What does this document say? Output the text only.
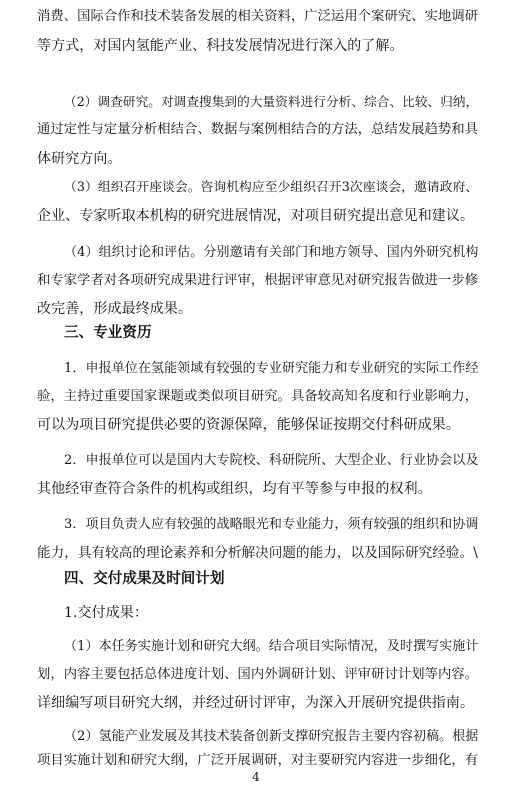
消费、国际合作和技术装备发展的相关资料，广泛运用个案研究、实地调研
等方式，对国内氢能产业、科技发展情况进行深入的了解。
（2）调查研究。对调查搜集到的大量资料进行分析、综合、比较、归纳，
通过定性与定量分析相结合、数据与案例相结合的方法，总结发展趋势和具
体研究方向。
（3）组织召开座谈会。咨询机构应至少组织召开3次座谈会，邀请政府、
企业、专家听取本机构的研究进展情况，对项目研究提出意见和建议。
（4）组织讨论和评估。分别邀请有关部门和地方领导、国内外研究机构
和专家学者对各项研究成果进行评审，根据评审意见对研究报告做进一步修
改完善，形成最终成果。
三、专业资历
1．申报单位在氢能领域有较强的专业研究能力和专业研究的实际工作经
验，主持过重要国家课题或类似项目研究。具备较高知名度和行业影响力，
可以为项目研究提供必要的资源保障，能够保证按期交付科研成果。
2．申报单位可以是国内大专院校、科研院所、大型企业、行业协会以及
其他经审查符合条件的机构或组织，均有平等参与申报的权利。
3．项目负责人应有较强的战略眼光和专业能力，须有较强的组织和协调
能力，具有较高的理论素养和分析解决问题的能力，以及国际研究经验。\
四、交付成果及时间计划
1.交付成果：
（1）本任务实施计划和研究大纲。结合项目实际情况，及时撰写实施计
划，内容主要包括总体进度计划、国内外调研计划、评审研讨计划等内容。
详细编写项目研究大纲，并经过研讨评审，为深入开展研究提供指南。
（2）氢能产业发展及其技术装备创新支撑研究报告主要内容初稿。根据
项目实施计划和研究大纲，广泛开展调研，对主要研究内容进一步细化，有
4
